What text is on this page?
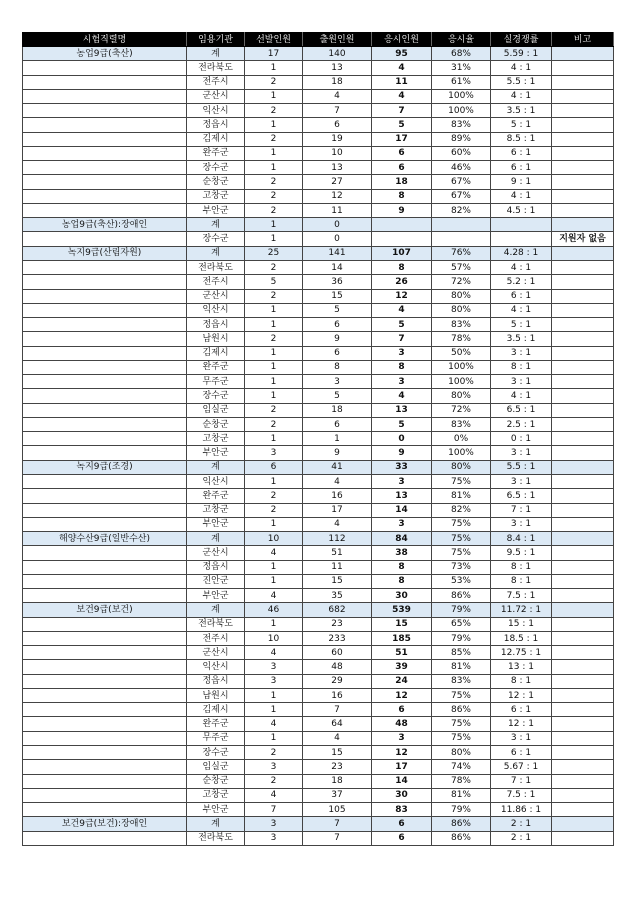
시험직렬명	임용기관	선발인원	출원인원	응시인원	응시율	실경쟁률	비고
농업9급(축산)	계	17	140	95	68%	5.59 : 1	
	전라북도	1	13	4	31%	4 : 1	
	전주시	2	18	11	61%	5.5 : 1	
	군산시	1	4	4	100%	4 : 1	
	익산시	2	7	7	100%	3.5 : 1	
	정읍시	1	6	5	83%	5 : 1	
	김제시	2	19	17	89%	8.5 : 1	
	완주군	1	10	6	60%	6 : 1	
	장수군	1	13	6	46%	6 : 1	
	순창군	2	27	18	67%	9 : 1	
	고창군	2	12	8	67%	4 : 1	
	부안군	2	11	9	82%	4.5 : 1	
농업9급(축산):장애인	계	1	0				
	장수군	1	0				지원자 없음
녹지9급(산림자원)	계	25	141	107	76%	4.28 : 1	
	전라북도	2	14	8	57%	4 : 1	
	전주시	5	36	26	72%	5.2 : 1	
	군산시	2	15	12	80%	6 : 1	
	익산시	1	5	4	80%	4 : 1	
	정읍시	1	6	5	83%	5 : 1	
	남원시	2	9	7	78%	3.5 : 1	
	김제시	1	6	3	50%	3 : 1	
	완주군	1	8	8	100%	8 : 1	
	무주군	1	3	3	100%	3 : 1	
	장수군	1	5	4	80%	4 : 1	
	임실군	2	18	13	72%	6.5 : 1	
	순창군	2	6	5	83%	2.5 : 1	
	고창군	1	1	0	0%	0 : 1	
	부안군	3	9	9	100%	3 : 1	
녹지9급(조경)	계	6	41	33	80%	5.5 : 1	
	익산시	1	4	3	75%	3 : 1	
	완주군	2	16	13	81%	6.5 : 1	
	고창군	2	17	14	82%	7 : 1	
	부안군	1	4	3	75%	3 : 1	
해양수산9급(일반수산)	계	10	112	84	75%	8.4 : 1	
	군산시	4	51	38	75%	9.5 : 1	
	정읍시	1	11	8	73%	8 : 1	
	진안군	1	15	8	53%	8 : 1	
	부안군	4	35	30	86%	7.5 : 1	
보건9급(보건)	계	46	682	539	79%	11.72 : 1	
	전라북도	1	23	15	65%	15 : 1	
	전주시	10	233	185	79%	18.5 : 1	
	군산시	4	60	51	85%	12.75 : 1	
	익산시	3	48	39	81%	13 : 1	
	정읍시	3	29	24	83%	8 : 1	
	남원시	1	16	12	75%	12 : 1	
	김제시	1	7	6	86%	6 : 1	
	완주군	4	64	48	75%	12 : 1	
	무주군	1	4	3	75%	3 : 1	
	장수군	2	15	12	80%	6 : 1	
	임실군	3	23	17	74%	5.67 : 1	
	순창군	2	18	14	78%	7 : 1	
	고창군	4	37	30	81%	7.5 : 1	
	부안군	7	105	83	79%	11.86 : 1	
보건9급(보건):장애인	계	3	7	6	86%	2 : 1	
	전라북도	3	7	6	86%	2 : 1	
